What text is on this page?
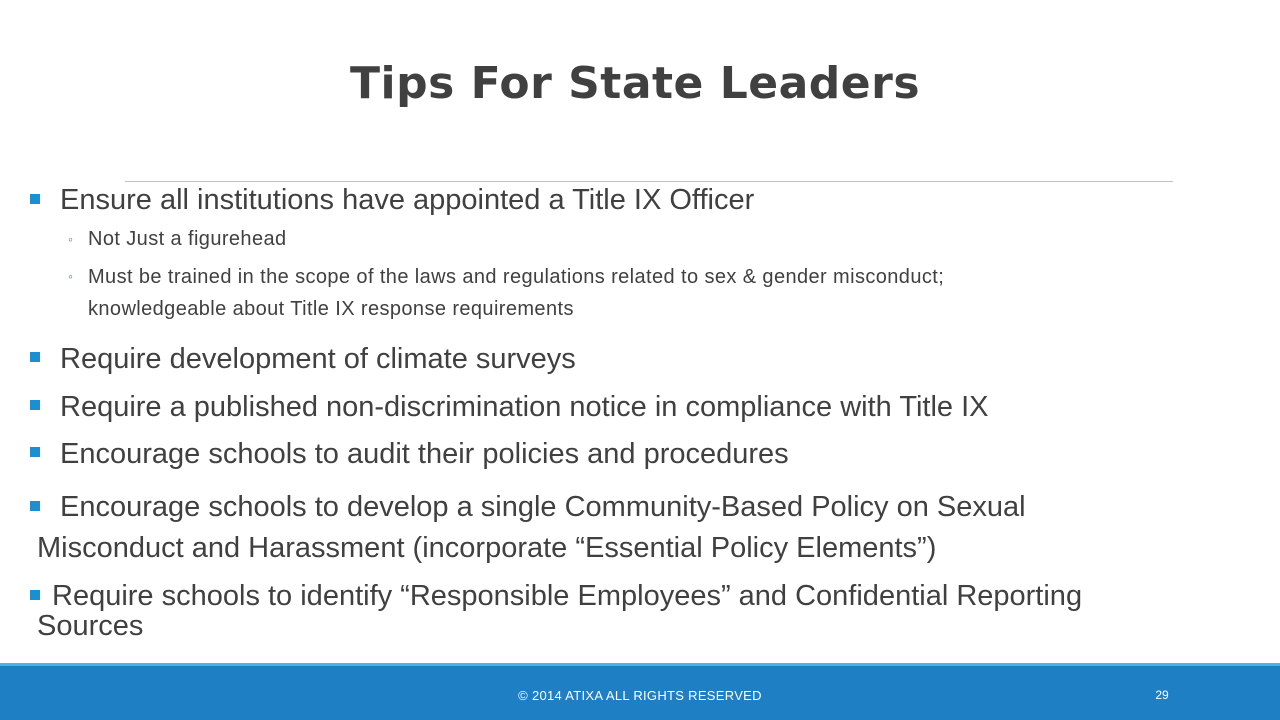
Tips For State Leaders
Ensure all institutions have appointed a Title IX Officer
◦ Not Just a figurehead
◦ Must be trained in the scope of the laws and regulations related to sex & gender misconduct;
knowledgeable about Title IX response requirements
Require development of climate surveys
Require a published non-discrimination notice in compliance with Title IX
Encourage schools to audit their policies and procedures
Encourage schools to develop a single Community-Based Policy on Sexual
Misconduct and Harassment (incorporate “Essential Policy Elements”)
Require schools to identify “Responsible Employees” and Confidential Reporting
Sources
© 2014 ATIXA ALL RIGHTS RESERVED	29
